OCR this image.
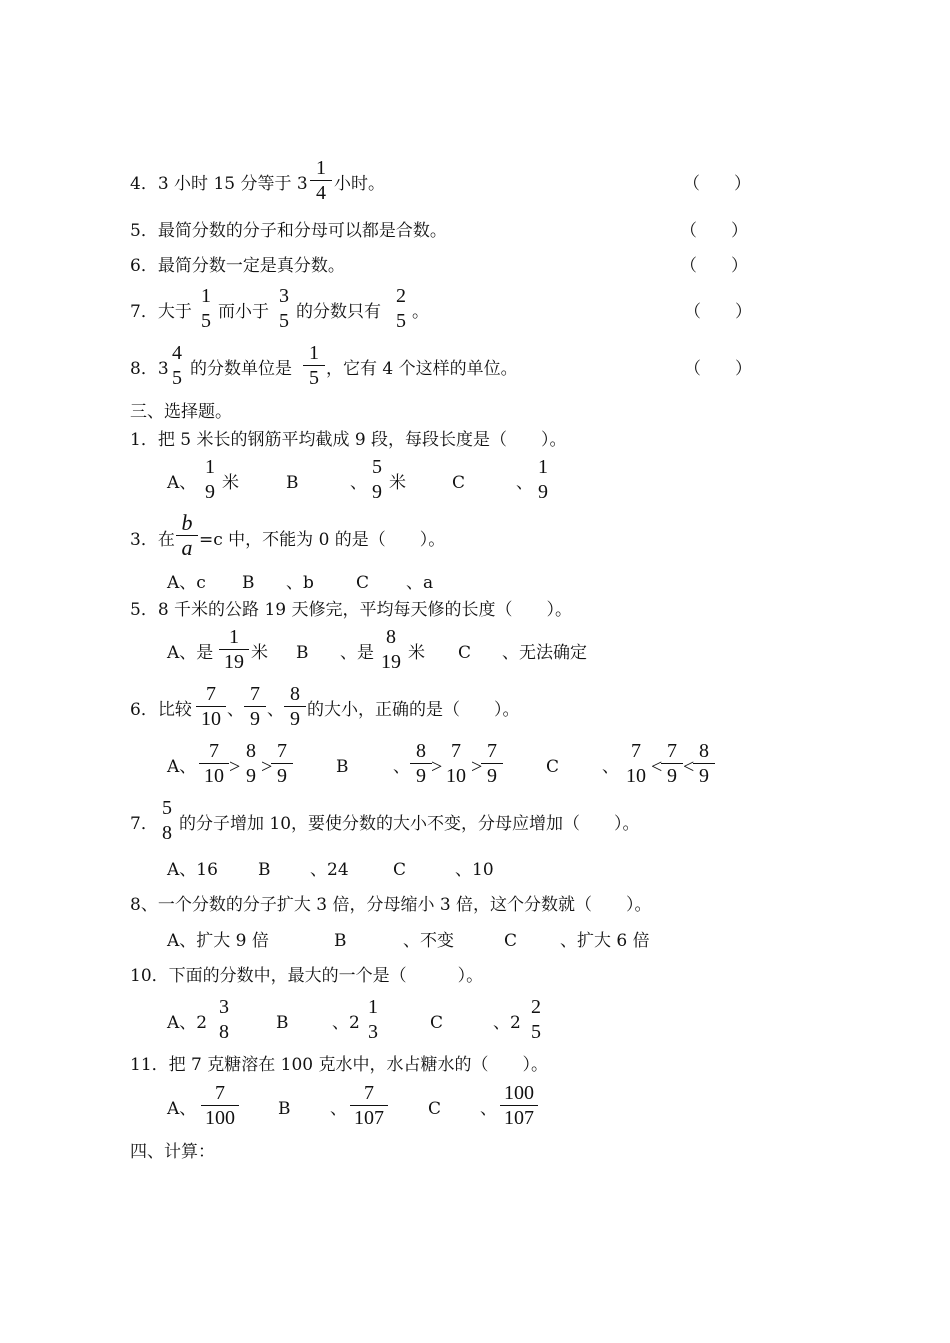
4．3 小时 15 分等于 3
1
4 小时。	（　　）
5．最简分数的分子和分母可以都是合数。	（　　）
6．最简分数一定是真分数。	（　　）
7．大于
1
5 而小于
3
5 的分数只有
2
5 。	（　　）
8．3
4
5 的分数单位是
1
5 ，它有 4 个这样的单位。	（　　）
三、选择题。
1．把 5 米长的钢筋平均截成 9 段，每段长度是（　　）。
A、
1
9 米	B	、
5
9 米	C	、
1
9
3．在
b
a =c 中，不能为 0 的是（　　）。
A、c B 、b C 、a
5．8 千米的公路 19 天修完，平均每天修的长度（　　）。
A、是
1
19 米 B 、是
8
19 米 C 、无法确定
6．比较
7
10 、
7
9 、
8
9 的大小，正确的是（　　）。
A、
7
10 >
8
9 >
7
9	B	、
8
9 >
7
10 >
7
9	C	、
7
10 <
7
9 <
8
9
7．
5
8 的分子增加 10，要使分数的大小不变，分母应增加（　　）。
A、16 B 、24	C	、10
8、一个分数的分子扩大 3 倍，分母缩小 3 倍，这个分数就（　　）。
A、扩大 9 倍	B	、不变	C	、扩大 6 倍
10．下面的分数中，最大的一个是（　　　）。
A、2
3
8	B	、2
1
3	C	、2
2
5
11．把 7 克糖溶在 100 克水中，水占糖水的（　　）。
A、
7
100	B 、
7
107	C 、
100
107
四、计算：
